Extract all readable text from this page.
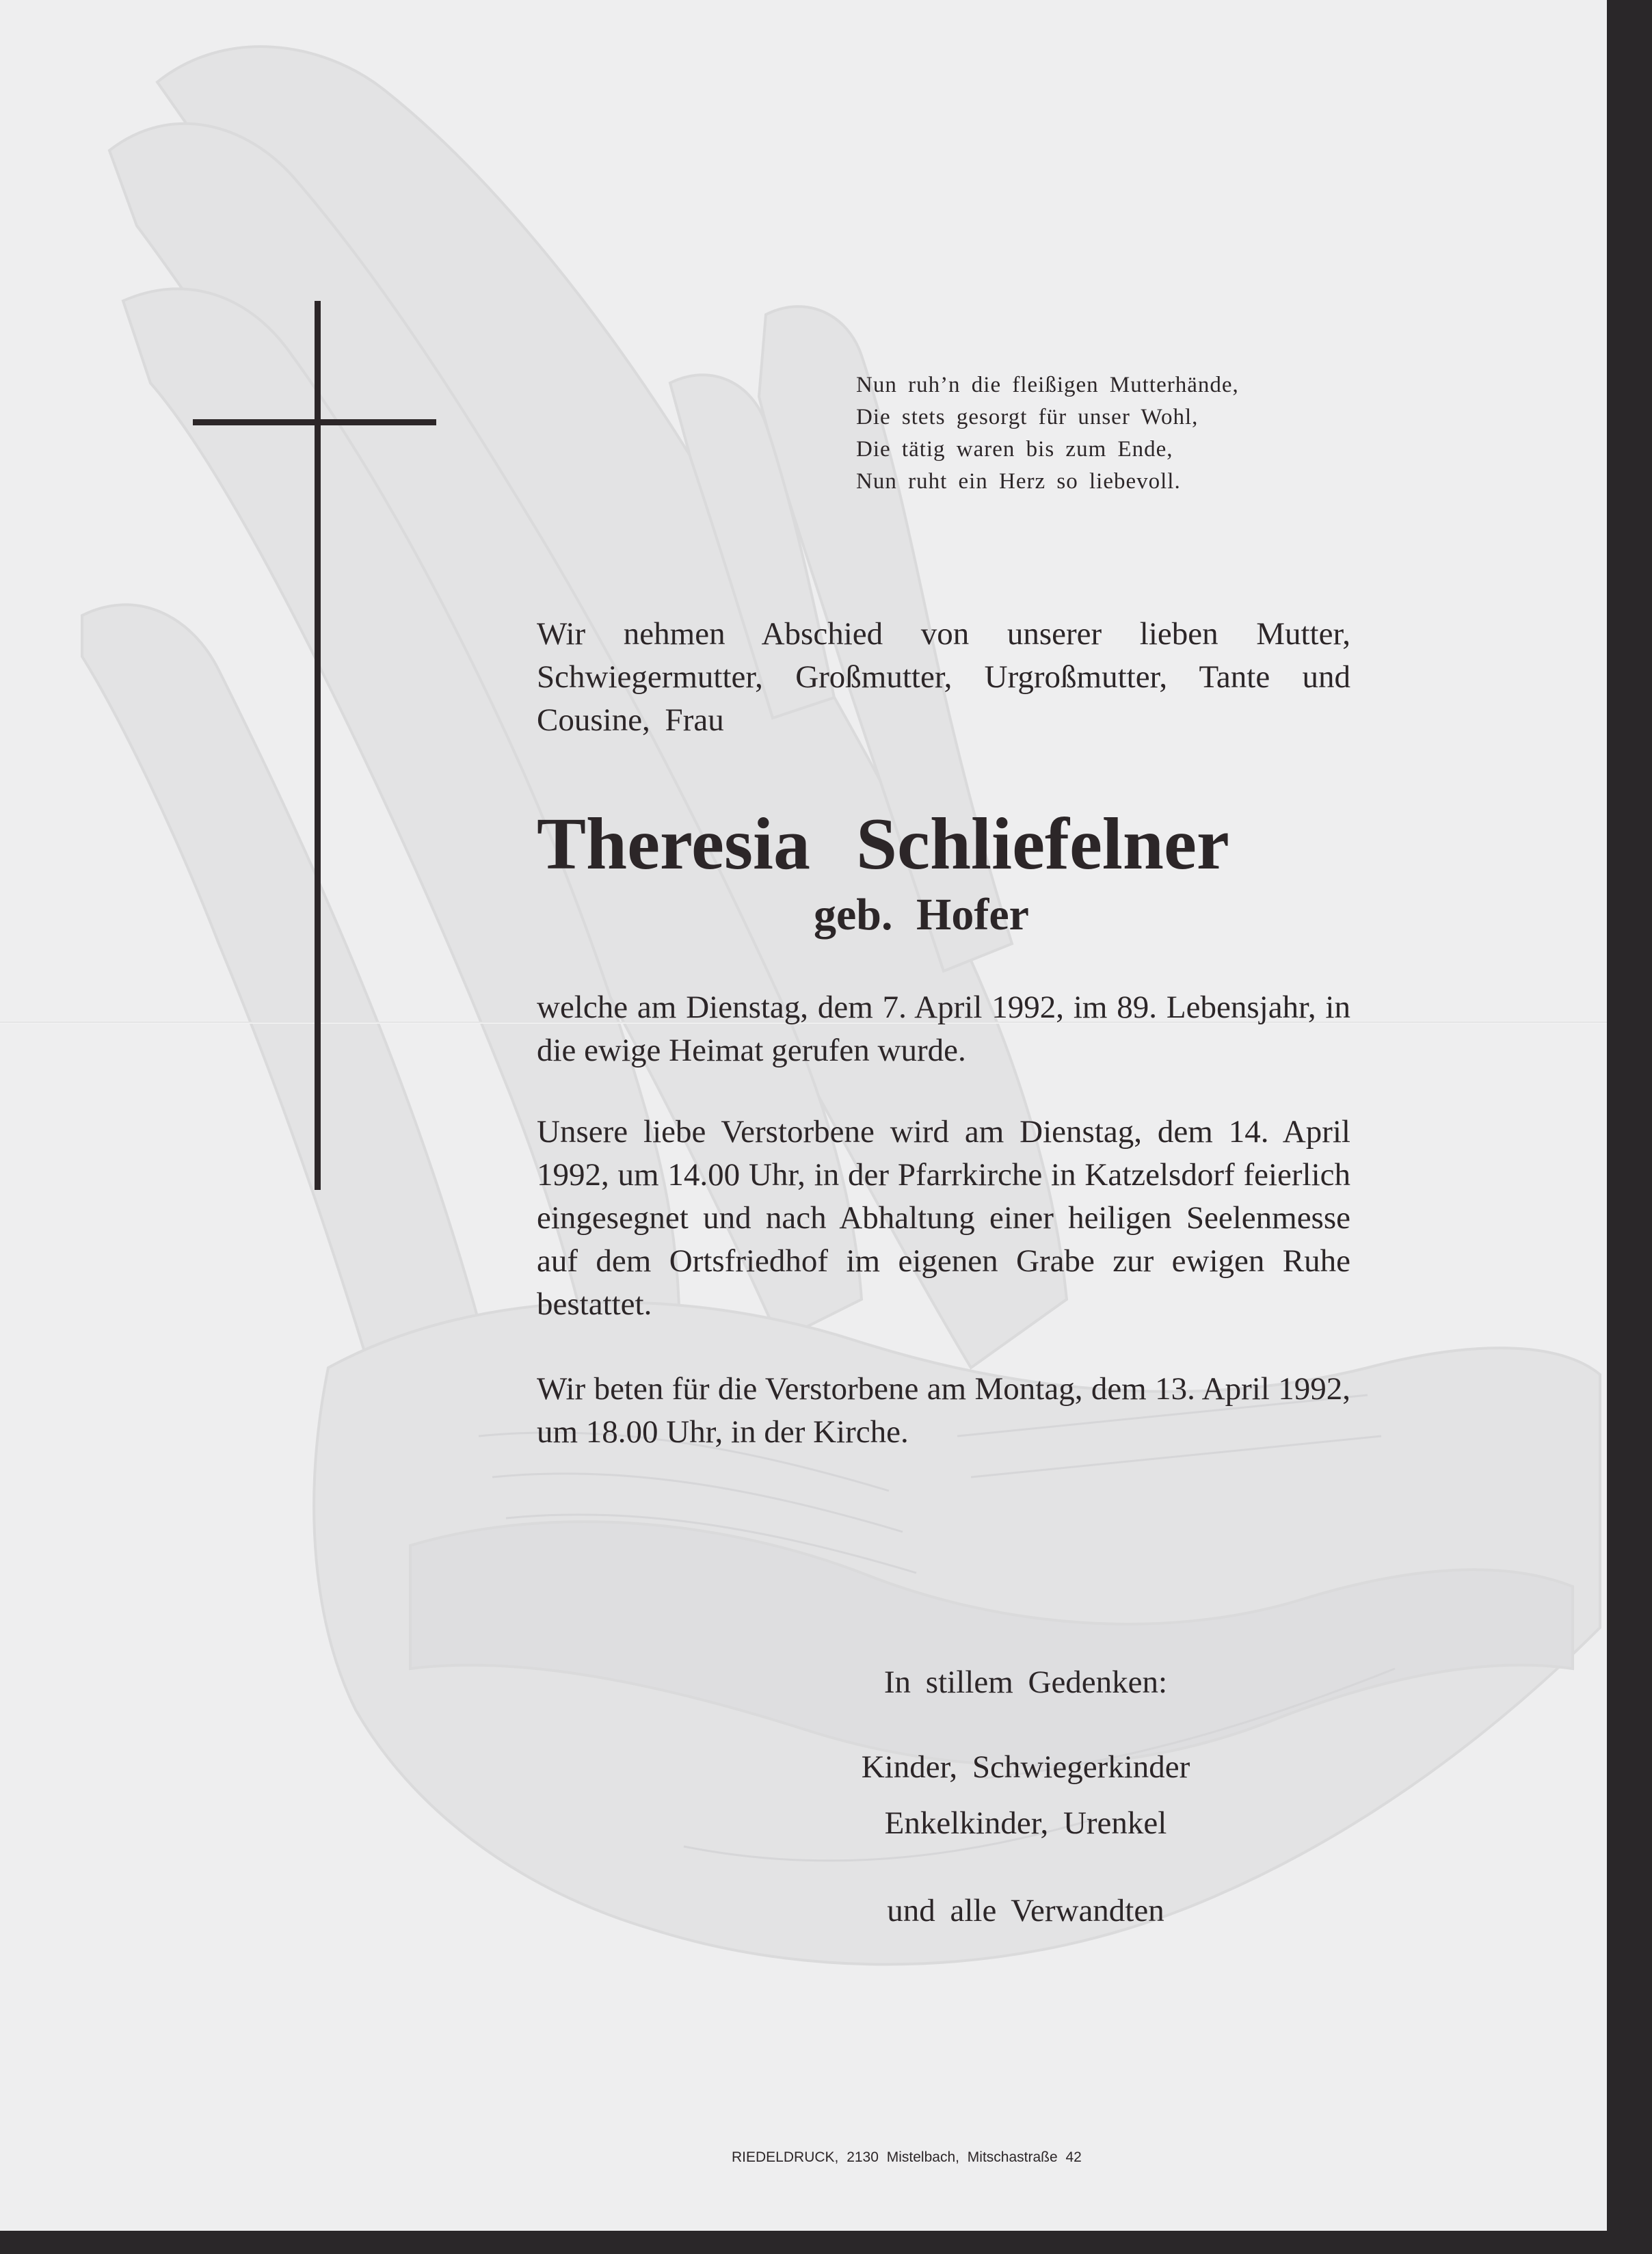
Nun ruh’n die fleißigen Mutterhände,
Die stets gesorgt für unser Wohl,
Die tätig waren bis zum Ende,
Nun ruht ein Herz so liebevoll.
Wir nehmen Abschied von unserer lieben Mutter, Schwiegermutter, Großmutter, Urgroßmutter, Tante und Cousine, Frau
Theresia Schliefelner
geb. Hofer
welche am Dienstag, dem 7. April 1992, im 89. Lebensjahr, in die ewige Heimat gerufen wurde.
Unsere liebe Verstorbene wird am Dienstag, dem 14. April 1992, um 14.00 Uhr, in der Pfarrkirche in Katzelsdorf feierlich eingesegnet und nach Abhaltung einer heiligen Seelenmesse auf dem Ortsfriedhof im eigenen Grabe zur ewigen Ruhe bestattet.
Wir beten für die Verstorbene am Montag, dem 13. April 1992, um 18.00 Uhr, in der Kirche.
In stillem Gedenken:
Kinder, Schwiegerkinder
Enkelkinder, Urenkel
und alle Verwandten
RIEDELDRUCK, 2130 Mistelbach, Mitschastraße 42
